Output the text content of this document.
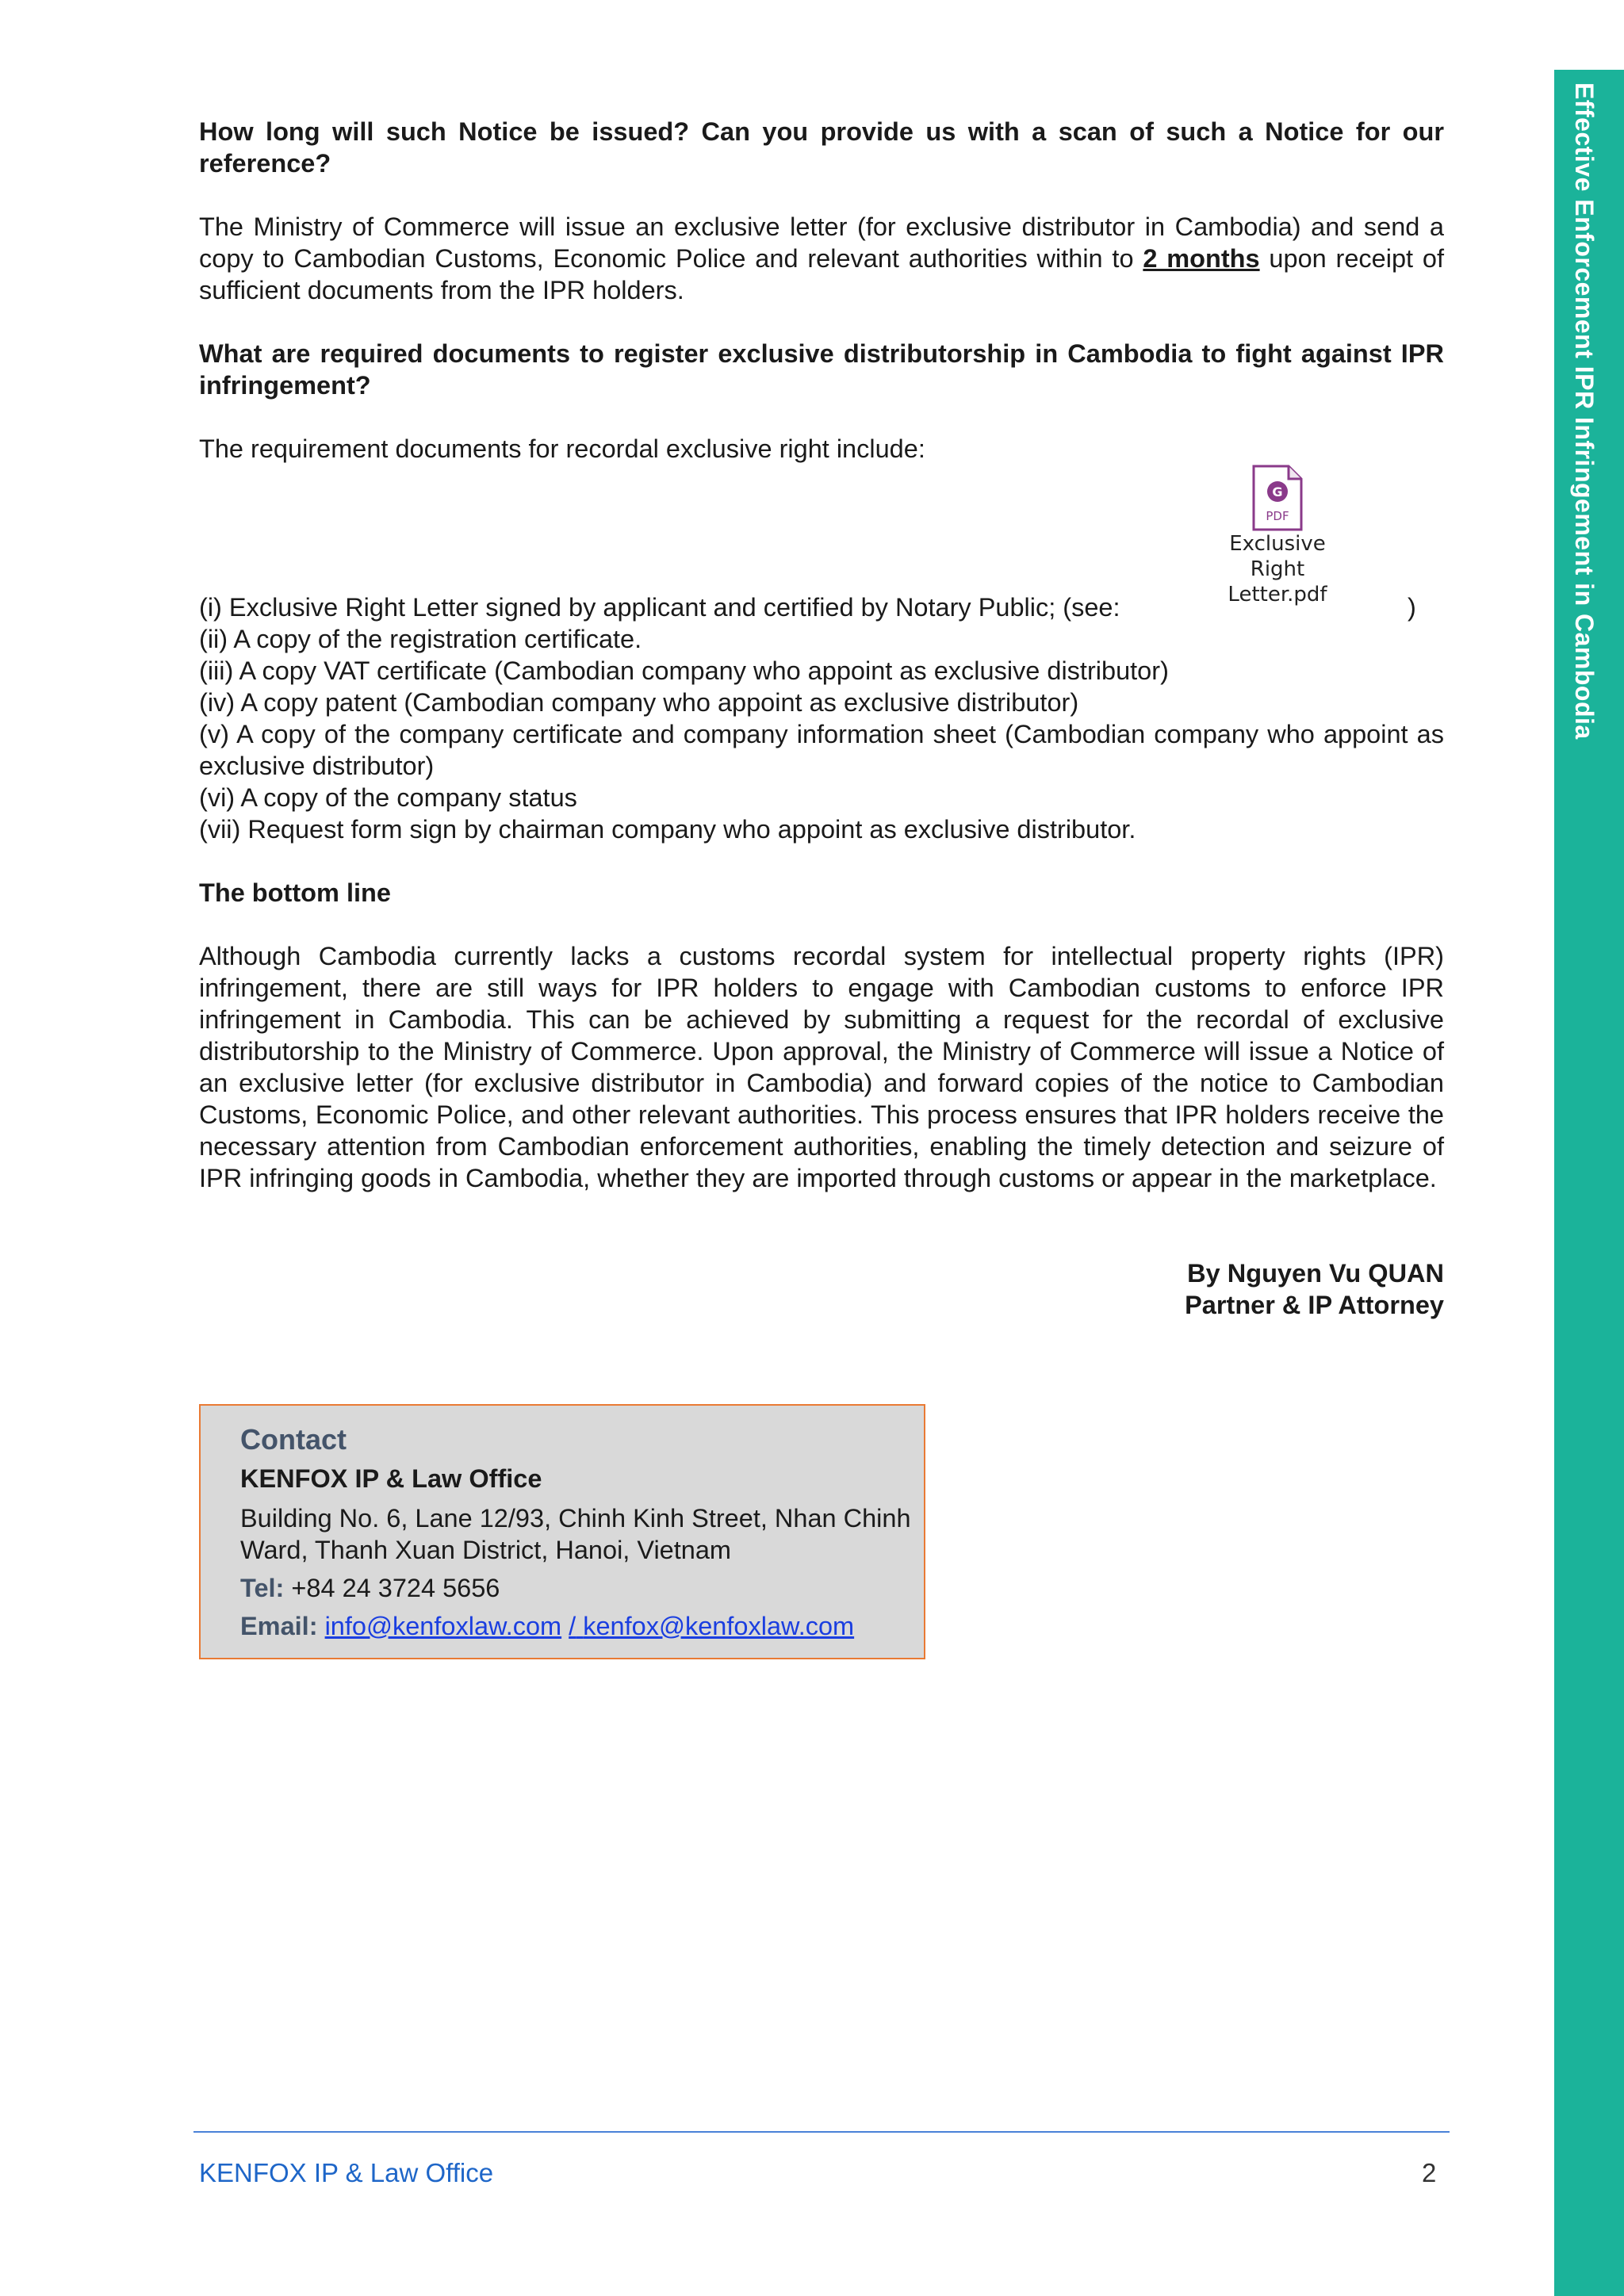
Effective Enforcement IPR Infringement in Cambodia

How long will such Notice be issued? Can you provide us with a scan of such a Notice for our reference?

The Ministry of Commerce will issue an exclusive letter (for exclusive distributor in Cambodia) and send a copy to Cambodian Customs, Economic Police and relevant authorities within to 2 months upon receipt of sufficient documents from the IPR holders.

What are required documents to register exclusive distributorship in Cambodia to fight against IPR infringement?

The requirement documents for recordal exclusive right include:

G
PDF
Exclusive Right Letter.pdf

(i) Exclusive Right Letter signed by applicant and certified by Notary Public; (see:	)

(ii) A copy of the registration certificate.

(iii) A copy VAT certificate (Cambodian company who appoint as exclusive distributor)

(iv) A copy patent (Cambodian company who appoint as exclusive distributor)

(v) A copy of the company certificate and company information sheet (Cambodian company who appoint as exclusive distributor)

(vi) A copy of the company status

(vii) Request form sign by chairman company who appoint as exclusive distributor.

The bottom line

Although Cambodia currently lacks a customs recordal system for intellectual property rights (IPR) infringement, there are still ways for IPR holders to engage with Cambodian customs to enforce IPR infringement in Cambodia. This can be achieved by submitting a request for the recordal of exclusive distributorship to the Ministry of Commerce. Upon approval, the Ministry of Commerce will issue a Notice of an exclusive letter (for exclusive distributor in Cambodia) and forward copies of the notice to Cambodian Customs, Economic Police, and other relevant authorities. This process ensures that IPR holders receive the necessary attention from Cambodian enforcement authorities, enabling the timely detection and seizure of IPR infringing goods in Cambodia, whether they are imported through customs or appear in the marketplace.

By Nguyen Vu QUAN

Partner & IP Attorney

Contact
KENFOX IP & Law Office
Building No. 6, Lane 12/93, Chinh Kinh Street, Nhan Chinh Ward, Thanh Xuan District, Hanoi, Vietnam
Tel: +84 24 3724 5656
Email: info@kenfoxlaw.com / kenfox@kenfoxlaw.com
KENFOX IP & Law Office	2
